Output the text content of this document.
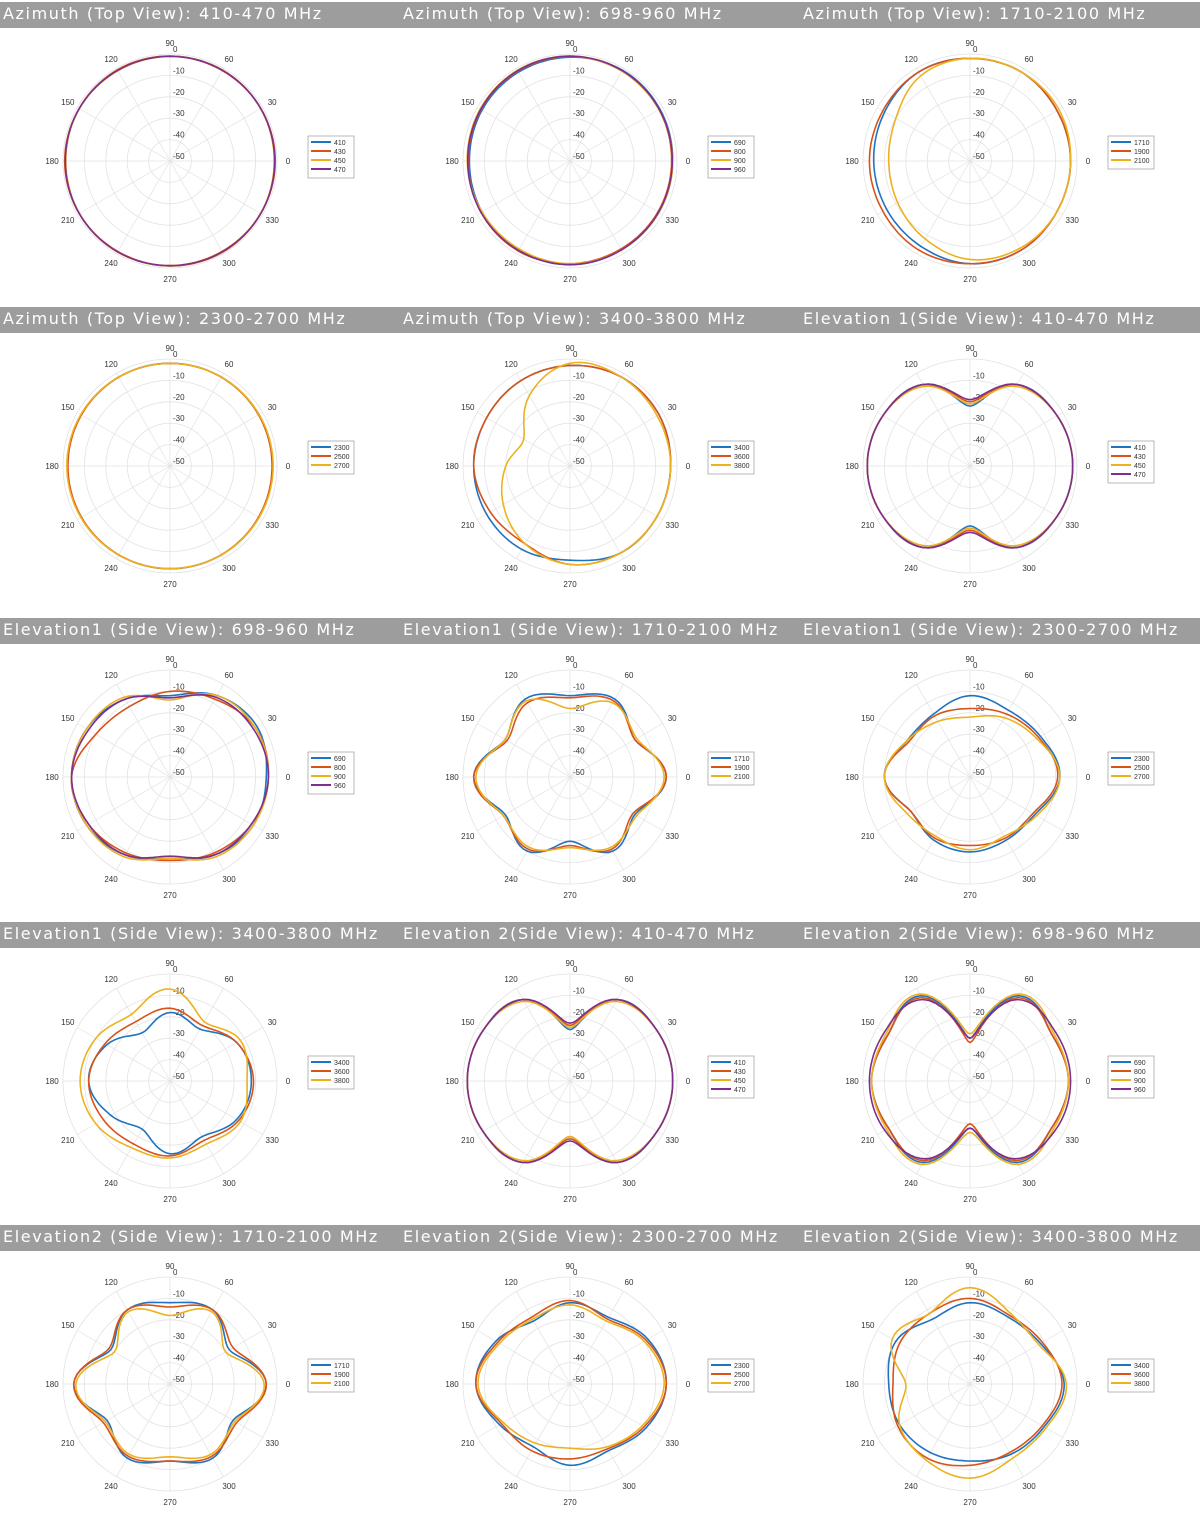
Azimuth (Top View): 410-470 MHz
0
30
60
90
120
150
180
210
240
270
300
330
0
-10
-20
-30
-40
-50
410
430
450
470
Azimuth (Top View): 698-960 MHz
0
30
60
90
120
150
180
210
240
270
300
330
0
-10
-20
-30
-40
-50
690
800
900
960
Azimuth (Top View): 1710-2100 MHz
0
30
60
90
120
150
180
210
240
270
300
330
0
-10
-20
-30
-40
-50
1710
1900
2100
Azimuth (Top View): 2300-2700 MHz
0
30
60
90
120
150
180
210
240
270
300
330
0
-10
-20
-30
-40
-50
2300
2500
2700
Azimuth (Top View): 3400-3800 MHz
0
30
60
90
120
150
180
210
240
270
300
330
0
-10
-20
-30
-40
-50
3400
3600
3800
Elevation 1(Side View): 410-470 MHz
0
30
60
90
120
150
180
210
240
270
300
330
0
-10
-20
-30
-40
-50
410
430
450
470
Elevation1 (Side View): 698-960 MHz
0
30
60
90
120
150
180
210
240
270
300
330
0
-10
-20
-30
-40
-50
690
800
900
960
Elevation1 (Side View): 1710-2100 MHz
0
30
60
90
120
150
180
210
240
270
300
330
0
-10
-20
-30
-40
-50
1710
1900
2100
Elevation1 (Side View): 2300-2700 MHz
0
30
60
90
120
150
180
210
240
270
300
330
0
-10
-20
-30
-40
-50
2300
2500
2700
Elevation1 (Side View): 3400-3800 MHz
0
30
60
90
120
150
180
210
240
270
300
330
0
-10
-20
-30
-40
-50
3400
3600
3800
Elevation 2(Side View): 410-470 MHz
0
30
60
90
120
150
180
210
240
270
300
330
0
-10
-20
-30
-40
-50
410
430
450
470
Elevation 2(Side View): 698-960 MHz
0
30
60
90
120
150
180
210
240
270
300
330
0
-10
-20
-30
-40
-50
690
800
900
960
Elevation2 (Side View): 1710-2100 MHz
0
30
60
90
120
150
180
210
240
270
300
330
0
-10
-20
-30
-40
-50
1710
1900
2100
Elevation 2(Side View): 2300-2700 MHz
0
30
60
90
120
150
180
210
240
270
300
330
0
-10
-20
-30
-40
-50
2300
2500
2700
Elevation 2(Side View): 3400-3800 MHz
0
30
60
90
120
150
180
210
240
270
300
330
0
-10
-20
-30
-40
-50
3400
3600
3800
